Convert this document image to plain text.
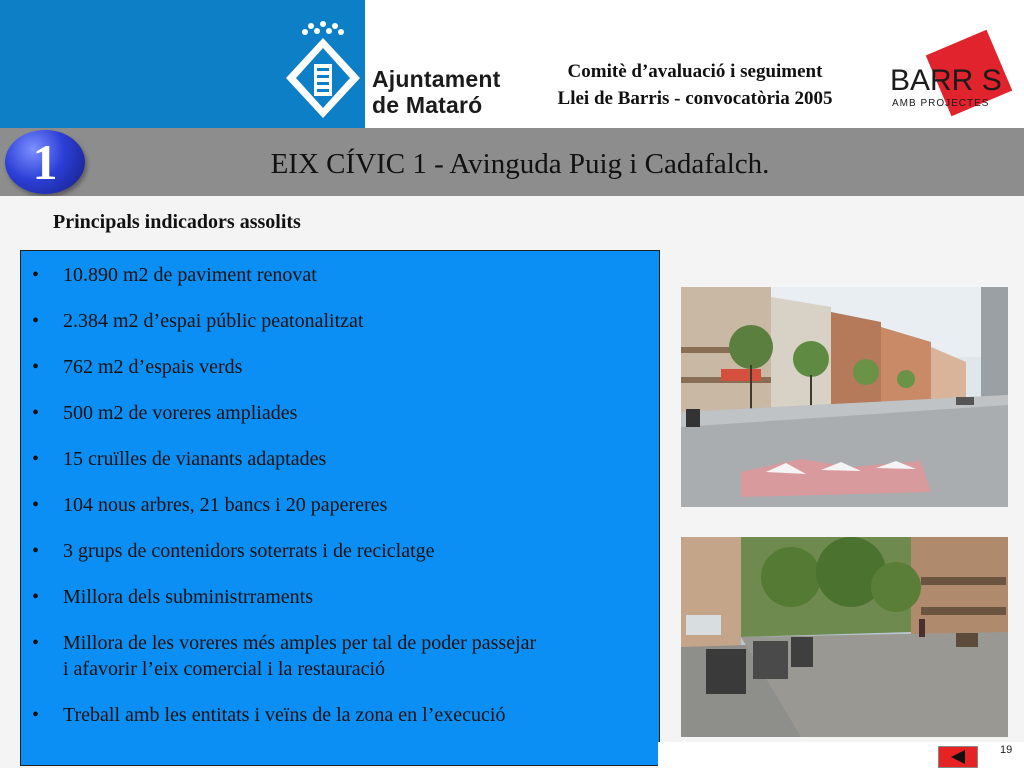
Ajuntament
de Mataró
Comitè d’avaluació i seguiment
Llei de Barris - convocatòria 2005
BARR!S
AMB PROJECTES
1	EIX CÍVIC 1 - Avinguda Puig i Cadafalch.
Principals indicadors assolits
• 10.890 m2 de paviment renovat
• 2.384 m2 d’espai públic peatonalitzat
• 762 m2 d’espais verds
• 500 m2 de voreres ampliades
• 15 cruïlles de vianants adaptades
• 104 nous arbres, 21 bancs i 20 papereres
• 3 grups de contenidors soterrats i de reciclatge
• Millora dels subministrraments
• Millora de les voreres més amples per tal de poder passejar
i afavorir l’eix comercial i la restauració
• Treball amb les entitats i veïns de la zona en l’execució
19
